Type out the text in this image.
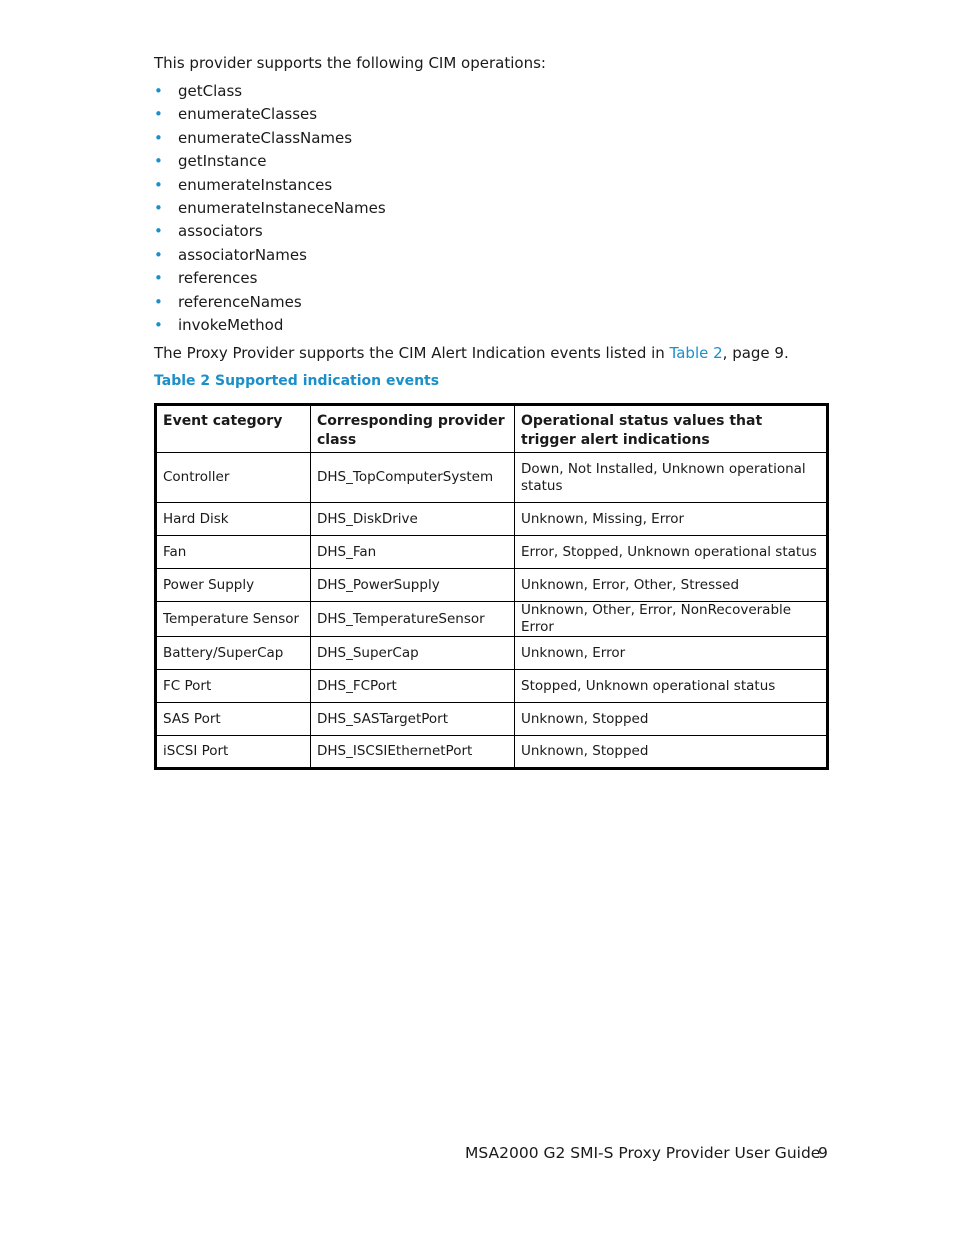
This provider supports the following CIM operations:

• getClass
• enumerateClasses
• enumerateClassNames
• getInstance
• enumerateInstances
• enumerateInstaneceNames
• associators
• associatorNames
• references
• referenceNames
• invokeMethod

The Proxy Provider supports the CIM Alert Indication events listed in Table 2, page 9.

Table 2 Supported indication events

Event category	Corresponding provider class	Operational status values that trigger alert indications
Controller	DHS_TopComputerSystem	Down, Not Installed, Unknown operational status
Hard Disk	DHS_DiskDrive	Unknown, Missing, Error
Fan	DHS_Fan	Error, Stopped, Unknown operational status
Power Supply	DHS_PowerSupply	Unknown, Error, Other, Stressed
Temperature Sensor	DHS_TemperatureSensor	Unknown, Other, Error, NonRecoverable Error
Battery/SuperCap	DHS_SuperCap	Unknown, Error
FC Port	DHS_FCPort	Stopped, Unknown operational status
SAS Port	DHS_SASTargetPort	Unknown, Stopped
iSCSI Port	DHS_ISCSIEthernetPort	Unknown, Stopped
MSA2000 G2 SMI-S Proxy Provider User Guide
9
